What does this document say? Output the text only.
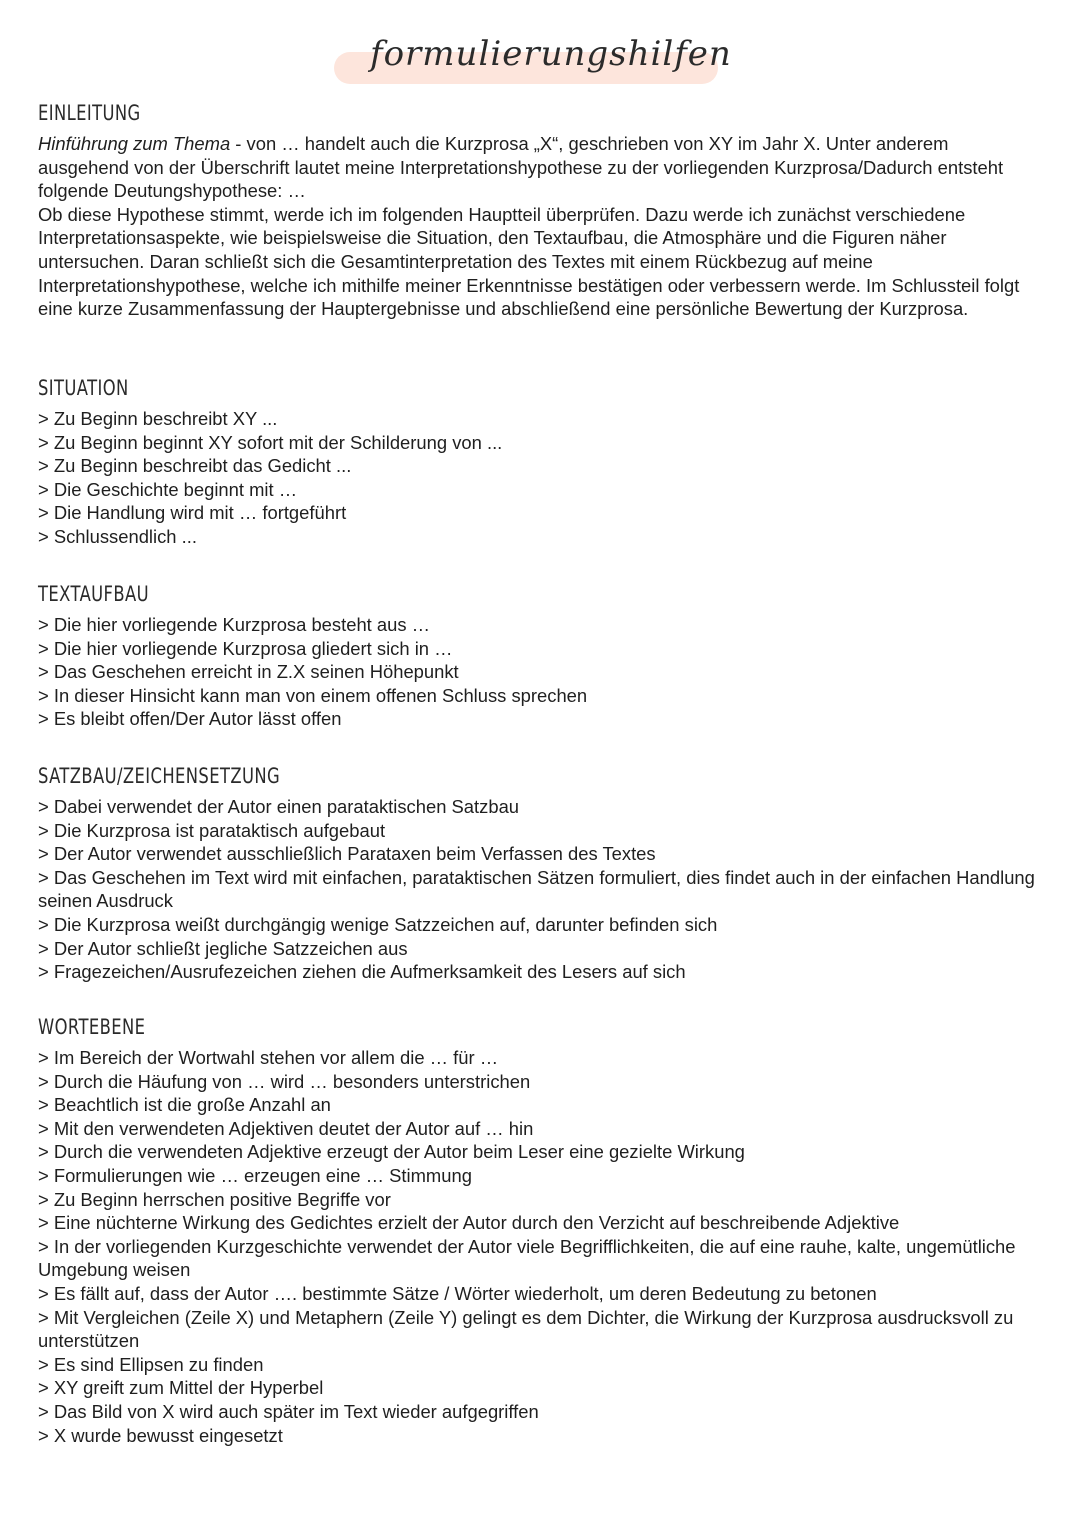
formulierungshilfen
EINLEITUNG

Hinführung zum Thema - von … handelt auch die Kurzprosa „X“, geschrieben von XY im Jahr X. Unter anderem ausgehend von der Überschrift lautet meine Interpretationshypothese zu der vorliegenden Kurzprosa/Dadurch entsteht folgende Deutungshypothese: …

Ob diese Hypothese stimmt, werde ich im folgenden Hauptteil überprüfen. Dazu werde ich zunächst verschiedene Interpretationsaspekte, wie beispielsweise die Situation, den Textaufbau, die Atmosphäre und die Figuren näher untersuchen. Daran schließt sich die Gesamtinterpretation des Textes mit einem Rückbezug auf meine Interpretationshypothese, welche ich mithilfe meiner Erkenntnisse bestätigen oder verbessern werde. Im Schlussteil folgt eine kurze Zusammenfassung der Hauptergebnisse und abschließend eine persönliche Bewertung der Kurzprosa.

SITUATION
> Zu Beginn beschreibt XY ...
> Zu Beginn beginnt XY sofort mit der Schilderung von ...
> Zu Beginn beschreibt das Gedicht ...
> Die Geschichte beginnt mit …
> Die Handlung wird mit … fortgeführt
> Schlussendlich ...
TEXTAUFBAU
> Die hier vorliegende Kurzprosa besteht aus …
> Die hier vorliegende Kurzprosa gliedert sich in …
> Das Geschehen erreicht in Z.X seinen Höhepunkt
> In dieser Hinsicht kann man von einem offenen Schluss sprechen
> Es bleibt offen/Der Autor lässt offen
SATZBAU/ZEICHENSETZUNG
> Dabei verwendet der Autor einen parataktischen Satzbau
> Die Kurzprosa ist parataktisch aufgebaut
> Der Autor verwendet ausschließlich Parataxen beim Verfassen des Textes
> Das Geschehen im Text wird mit einfachen, parataktischen Sätzen formuliert, dies findet auch in der einfachen Handlung seinen Ausdruck
> Die Kurzprosa weißt durchgängig wenige Satzzeichen auf, darunter befinden sich
> Der Autor schließt jegliche Satzzeichen aus
> Fragezeichen/Ausrufezeichen ziehen die Aufmerksamkeit des Lesers auf sich
WORTEBENE
> Im Bereich der Wortwahl stehen vor allem die … für …
> Durch die Häufung von … wird … besonders unterstrichen
> Beachtlich ist die große Anzahl an
> Mit den verwendeten Adjektiven deutet der Autor auf … hin
> Durch die verwendeten Adjektive erzeugt der Autor beim Leser eine gezielte Wirkung
> Formulierungen wie … erzeugen eine … Stimmung
> Zu Beginn herrschen positive Begriffe vor
> Eine nüchterne Wirkung des Gedichtes erzielt der Autor durch den Verzicht auf beschreibende Adjektive
> In der vorliegenden Kurzgeschichte verwendet der Autor viele Begrifflichkeiten, die auf eine rauhe, kalte, ungemütliche Umgebung weisen
> Es fällt auf, dass der Autor …. bestimmte Sätze / Wörter wiederholt, um deren Bedeutung zu betonen
> Mit Vergleichen (Zeile X) und Metaphern (Zeile Y) gelingt es dem Dichter, die Wirkung der Kurzprosa ausdrucksvoll zu unterstützen
> Es sind Ellipsen zu finden
> XY greift zum Mittel der Hyperbel
> Das Bild von X wird auch später im Text wieder aufgegriffen
> X wurde bewusst eingesetzt
